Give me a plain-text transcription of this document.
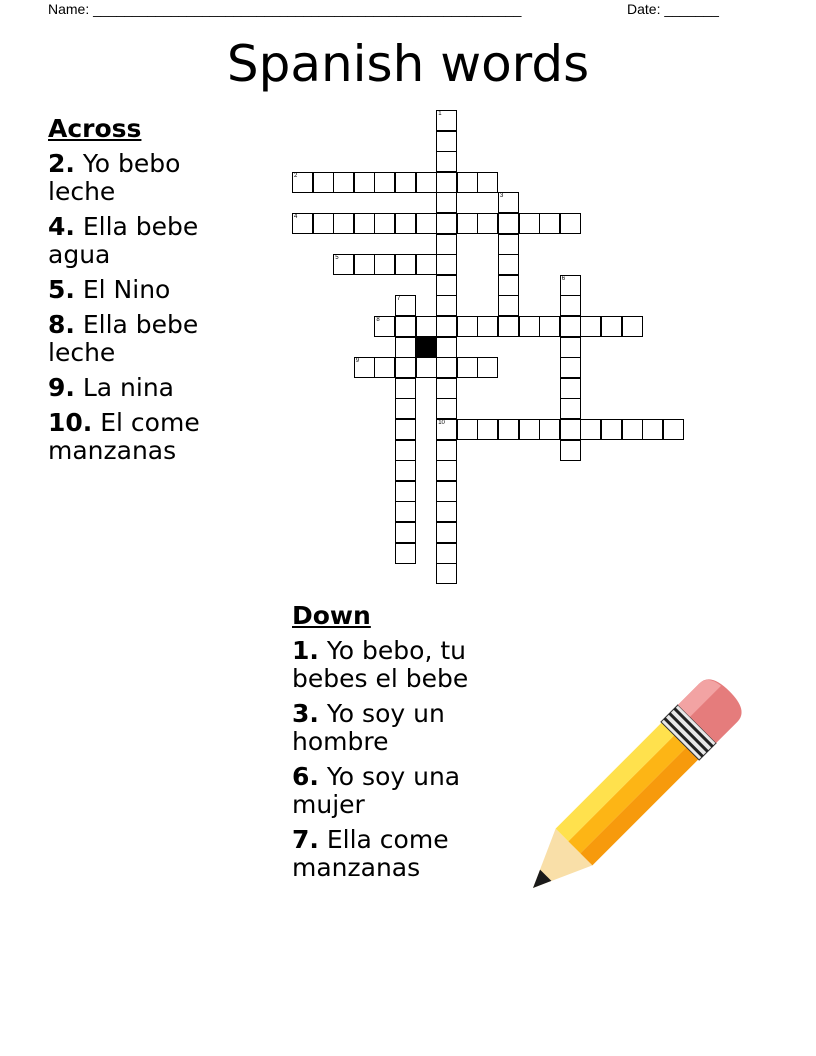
Name: _______________________________________________________	Date: _______
Spanish words
Across
2. Yo bebo leche
4. Ella bebe agua
5. El Nino
8. Ella bebe leche
9. La nina
10. El come manzanas
Down
1. Yo bebo, tu bebes el bebe
3. Yo soy un hombre
6. Yo soy una mujer
7. Ella come manzanas
2
4
5
8
9
10
1
3
6
7
